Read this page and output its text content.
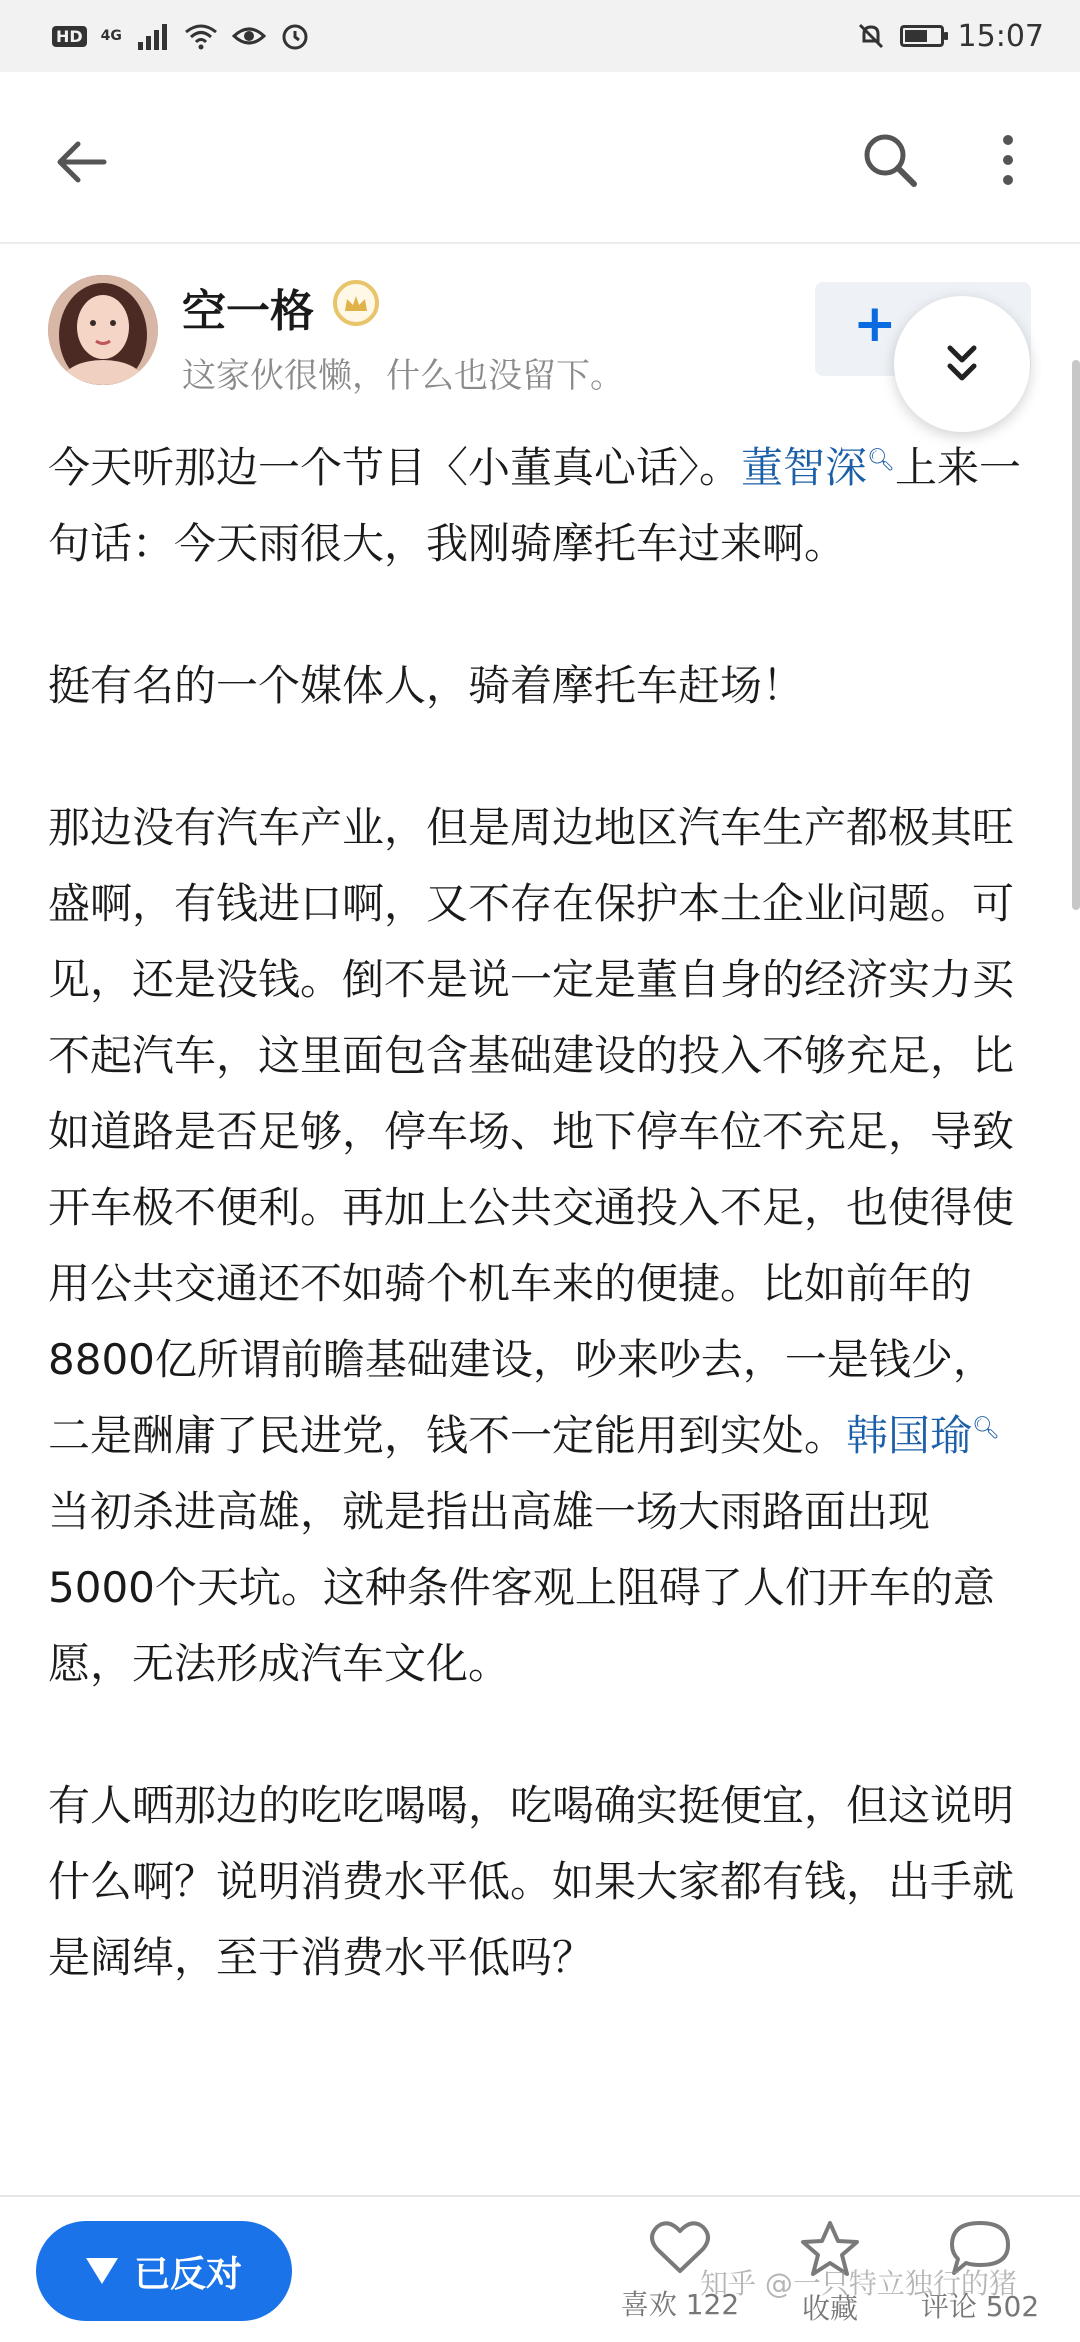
HD 4G	15:07
空一格
这家伙很懒，什么也没留下。
+

今天听那边一个节目〈小董真心话〉。董智深🔍︎上来一句话：今天雨很大，我刚骑摩托车过来啊。

挺有名的一个媒体人，骑着摩托车赶场！

那边没有汽车产业，但是周边地区汽车生产都极其旺盛啊，有钱进口啊，又不存在保护本土企业问题。可见，还是没钱。倒不是说一定是董自身的经济实力买不起汽车，这里面包含基础建设的投入不够充足，比如道路是否足够，停车场、地下停车位不充足，导致开车极不便利。再加上公共交通投入不足，也使得使用公共交通还不如骑个机车来的便捷。比如前年的8800亿所谓前瞻基础建设，吵来吵去，一是钱少，二是酬庸了民进党，钱不一定能用到实处。韩国瑜🔍︎当初杀进高雄，就是指出高雄一场大雨路面出现5000个天坑。这种条件客观上阻碍了人们开车的意愿，无法形成汽车文化。

有人晒那边的吃吃喝喝，吃喝确实挺便宜，但这说明什么啊？说明消费水平低。如果大家都有钱，出手就是阔绰，至于消费水平低吗？

已反对
喜欢 122	收藏	评论 502
知乎 @一只特立独行的猪
